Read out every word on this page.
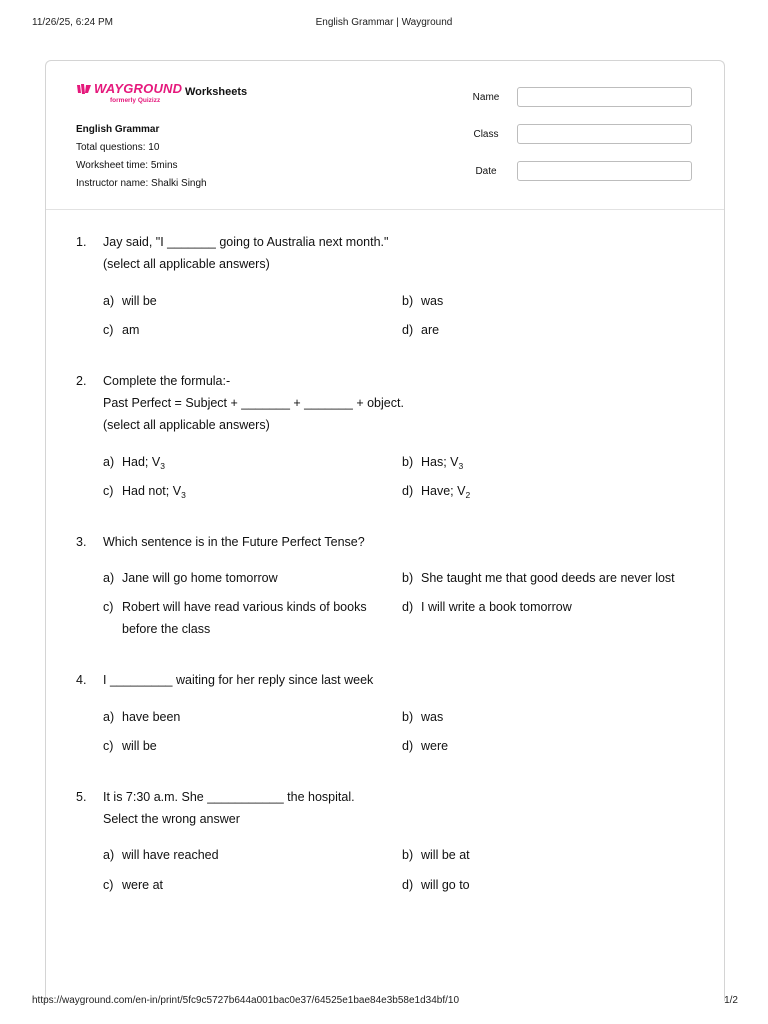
11/26/25, 6:24 PM	English Grammar | Wayground
WAYGROUND
formerly Quizizz
Worksheets
English Grammar
Total questions: 10
Worksheet time: 5mins
Instructor name: Shalki Singh
Name
Class
Date
1.	Jay said, "I _______ going to Australia next month."
(select all applicable answers)
a) will be	b) was
c) am	d) are
2.	Complete the formula:-
Past Perfect = Subject + _______ + _______ + object.
(select all applicable answers)
a) Had; $V_3$	b) Has; $V_3$
c) Had not; $V_3$	d) Have; $V_2$
3.	Which sentence is in the Future Perfect Tense?
a) Jane will go home tomorrow	b) She taught me that good deeds are never lost
c) Robert will have read various kinds of books before the class
d) I will write a book tomorrow
4.	I _________ waiting for her reply since last week
a) have been	b) was
c) will be	d) were
5.	It is 7:30 a.m. She ___________ the hospital.
Select the wrong answer
a) will have reached	b) will be at
c) were at	d) will go to
https://wayground.com/en-in/print/5fc9c5727b644a001bac0e37/64525e1bae84e3b58e1d34bf/10	1/2
